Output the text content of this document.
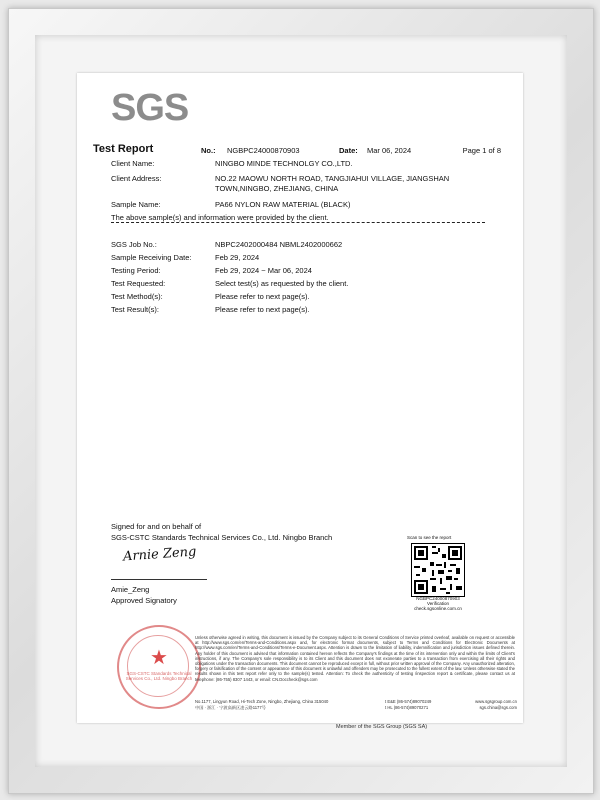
SGS
Test Report	No.: NGBPC24000870903	Date: Mar 06, 2024	Page 1 of 8
Client Name:	NINGBO MINDE TECHNOLGY CO.,LTD.
Client Address:	NO.22 MAOWU NORTH ROAD, TANGJIAHUI VILLAGE, JIANGSHAN TOWN,NINGBO, ZHEJIANG, CHINA
Sample Name:	PA66 NYLON RAW MATERIAL (BLACK)
The above sample(s) and information were provided by the client.
SGS Job No.:	NBPC2402000484 NBML2402000662
Sample Receiving Date:	Feb 29, 2024
Testing Period:	Feb 29, 2024 ~ Mar 06, 2024
Test Requested:	Select test(s) as requested by the client.
Test Method(s):	Please refer to next page(s).
Test Result(s):	Please refer to next page(s).
Signed for and on behalf of
SGS-CSTC Standards Technical Services Co., Ltd. Ningbo Branch
Arnie Zeng
Amie_Zeng
Approved Signatory
Scan to see the report
NGBPC24000870903
Verification
check.sgsonline.com.cn
★
SGS-CSTC Standards Technical Services Co., Ltd. Ningbo Branch
Unless otherwise agreed in writing, this document is issued by the Company subject to its General Conditions of Service printed overleaf, available on request or accessible at http://www.sgs.com/en/Terms-and-Conditions.aspx and, for electronic format documents, subject to Terms and Conditions for Electronic Documents at http://www.sgs.com/en/Terms-and-Conditions/Terms-e-Document.aspx. Attention is drawn to the limitation of liability, indemnification and jurisdiction issues defined therein. Any holder of this document is advised that information contained hereon reflects the Company's findings at the time of its intervention only and within the limits of Client's instructions, if any. The Company's sole responsibility is to its Client and this document does not exonerate parties to a transaction from exercising all their rights and obligations under the transaction documents. This document cannot be reproduced except in full, without prior written approval of the Company. Any unauthorized alteration, forgery or falsification of the content or appearance of this document is unlawful and offenders may be prosecuted to the fullest extent of the law. Unless otherwise stated the results shown in this test report refer only to the sample(s) tested. Attention: To check the authenticity of testing /inspection report & certificate, please contact us at telephone: (86-755) 8307 1443, or email: CN.Doccheck@sgs.com
No.1177, Lingyun Road, Hi-Tech Zone, Ningbo, Zhejiang, China 315040	t E&E (86-574)89070249	www.sgsgroup.com.cn
中国 · 浙江 · 宁波高新区凌云路1177号	t HL (86-574)89070271	sgs.china@sgs.com
Member of the SGS Group (SGS SA)
